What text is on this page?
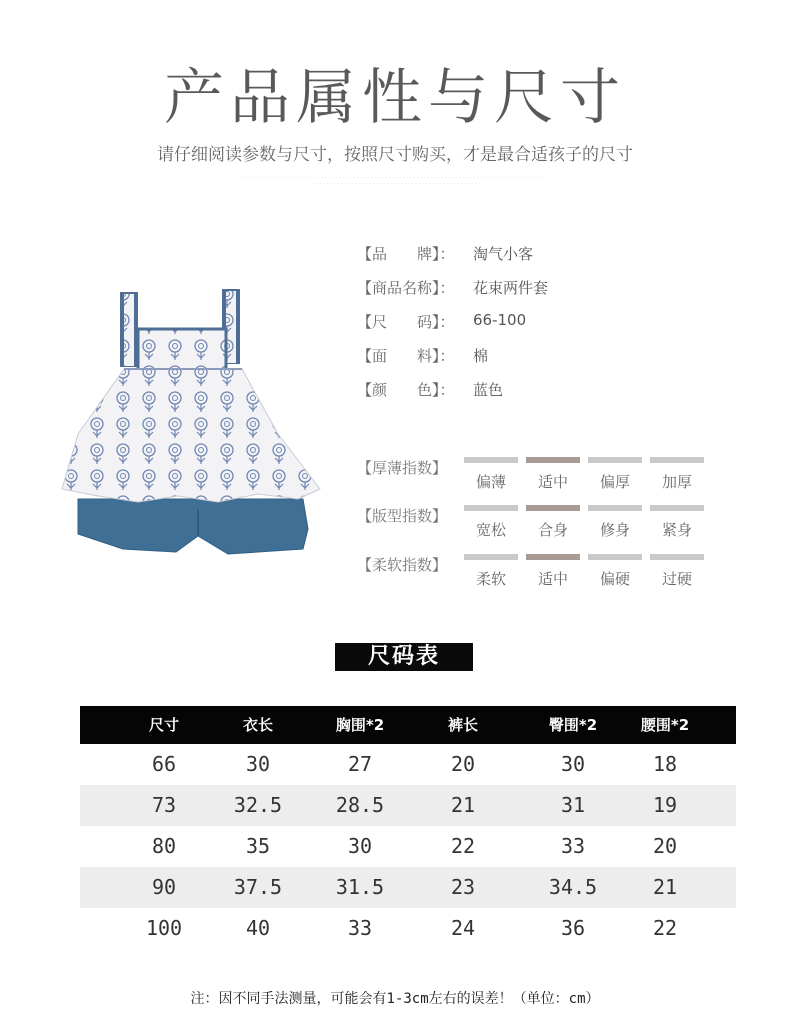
产品属性与尺寸
请仔细阅读参数与尺寸，按照尺寸购买，才是最合适孩子的尺寸
· · · · · · · · · · · · · · · · · · · · · · · · · · · · · · · · · · · · · · · · · · · · · · · · · · · · · · · · · · · · · · · · · · · · · · · · · · · · · · · · · · · · · ·
· · · · · · · · · · · · · · · · · · · · · · · · · · · · · · · · · · · · · · · · · · · · · · ·
【品　　牌】：	淘气小客
【商品名称】：	花束两件套
【尺　　码】：	66-100
【面　　料】：	棉
【颜　　色】：	蓝色
【厚薄指数】
偏薄	适中	偏厚	加厚
【版型指数】
宽松	合身	修身	紧身
【柔软指数】
柔软	适中	偏硬	过硬
尺码表
尺寸	衣长	胸围*2	裤长	臀围*2	腰围*2
66	30	27	20	30	18
73	32.5	28.5	21	31	19
80	35	30	22	33	20
90	37.5	31.5	23	34.5	21
100	40	33	24	36	22
注：因不同手法测量，可能会有1-3cm左右的误差！（单位：cm）
